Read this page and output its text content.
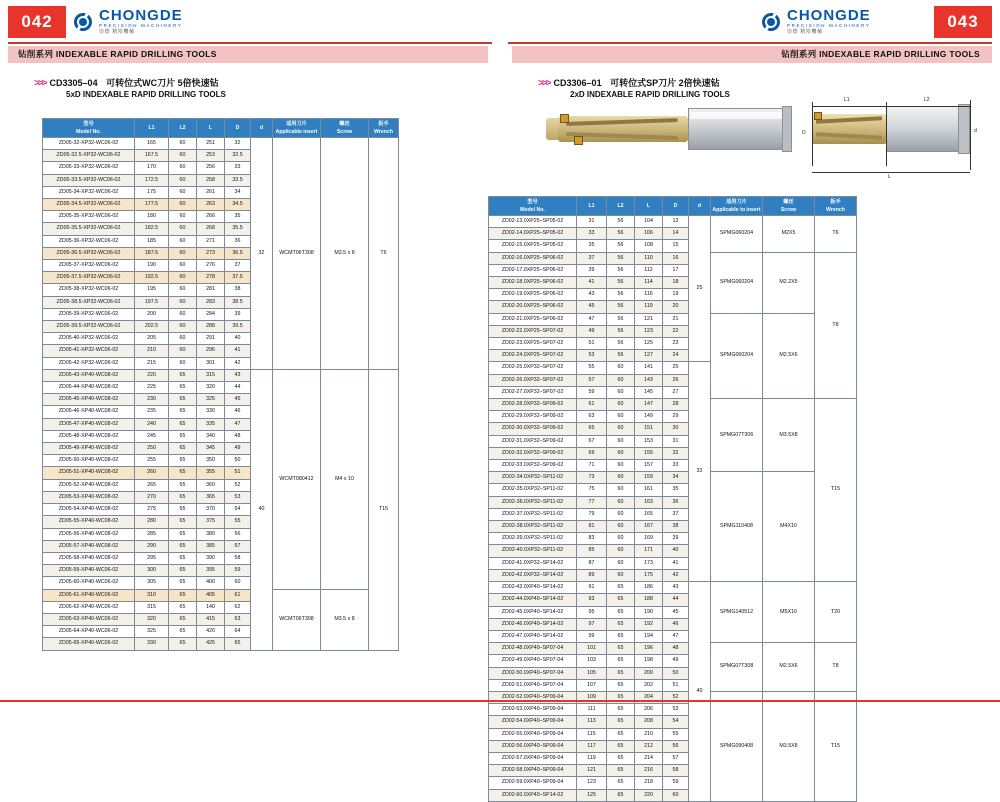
042	CHONGDE
PRECISION MACHINERY
崇德 精密機械
043
CHONGDE
PRECISION MACHINERY
崇德 精密機械
钻削系列 INDEXABLE RAPID DRILLING TOOLS	钻削系列 INDEXABLE RAPID DRILLING TOOLS
>>> CD3305–04 可转位式WC刀片 5倍快速钻
5xD INDEXABLE RAPID DRILLING TOOLS
>>> CD3306–01 可转位式SP刀片 2倍快速钻
2xD INDEXABLE RAPID DRILLING TOOLS
L1	L2
L
D	d
型号
Model No.	L1	L2	L	D	d	适用刀片
Applicable insert	螺丝
Screw	扳手
Wrench

ZD05-32-XP32-WC06-02	165	60	251	32	32	WCMT06T308	M3.5 x 8	T6
ZD05-32.5-XP32-WC06-02	167.5	60	253	32.5				
ZD05-33-XP32-WC06-02	170	60	256	33				
ZD05-33.5-XP32-WC06-02	172.5	60	258	33.5				
ZD05-34-XP32-WC06-02	175	60	261	34				
ZD05-34.5-XP32-WC06-02	177.5	60	263	34.5				
ZD05-35-XP32-WC06-02	180	60	266	35				
ZD05-35.5-XP32-WC06-02	182.5	60	268	35.5				
ZD05-36-XP32-WC06-02	185	60	271	36				
ZD05-36.5-XP32-WC06-02	187.5	60	273	36.5				
ZD05-37-XP32-WC06-02	190	60	276	37				
ZD05-37.5-XP32-WC06-02	192.5	60	278	37.5				
ZD05-38-XP32-WC06-02	195	60	281	38				
ZD05-38.5-XP32-WC06-02	197.5	60	283	38.5				
ZD05-39-XP32-WC06-02	200	60	284	39				
ZD05-39.5-XP32-WC06-02	202.5	60	288	39.5				
ZD05-40-XP32-WC06-02	205	60	291	40				
ZD05-41-XP32-WC06-02	210	60	296	41				
ZD05-42-XP32-WC06-02	215	60	301	42				
ZD05-43-XP40-WC08-02	220	65	315	43	40	WCMT080412	M4 x 10	T15
ZD05-44-XP40-WC08-02	225	65	320	44				
ZD05-45-XP40-WC08-02	230	65	325	45				
ZD05-46-XP40-WC08-02	235	65	330	46				
ZD05-47-XP40-WC08-02	240	65	335	47				
ZD05-48-XP40-WC08-02	245	65	340	48				
ZD05-49-XP40-WC08-02	250	65	345	49				
ZD05-50-XP40-WC08-02	255	65	350	50				
ZD05-51-XP40-WC08-02	260	65	355	51				
ZD05-52-XP40-WC08-02	265	65	360	52				
ZD05-53-XP40-WC08-02	270	65	365	53				
ZD05-54-XP40-WC08-02	275	65	370	54				
ZD05-55-XP40-WC08-02	280	65	375	55				
ZD05-56-XP40-WC08-02	285	65	380	56				
ZD05-57-XP40-WC08-02	290	65	385	57				
ZD05-58-XP40-WC08-02	295	65	390	58				
ZD05-59-XP40-WC06-02	300	65	395	59				
ZD05-60-XP40-WC06-02	305	65	400	60				
ZD05-61-XP40-WC06-02	310	65	405	61		WCMT06T308	M3.5 x 8	
ZD05-62-XP40-WC06-02	315	65	140	62				
ZD05-63-XP40-WC06-02	320	65	415	63				
ZD05-64-XP40-WC06-02	325	65	420	64				
ZD05-65-XP40-WC06-02	330	65	425	65				
型号
Model No.	L1	L2	L	D	d	适用刀片
Applicable to insert	螺丝
Screw	扳手
Wrench

ZD02-13.0XP25–SP05-02	31	56	104	13	25	SPMG060204	M2X5	T6
ZD02-14.0XP25–SP05-02	33	56	106	14				
ZD02-15.0XP25–SP05-02	35	56	108	15				
ZD02-16.0XP25–SP06-02	37	56	110	16		SPMG060204	M2.2X5	T8
ZD02-17.0XP25–SP06-02	39	56	112	17				
ZD02-18.0XP25–SP06-02	41	56	114	18				
ZD02-19.0XP25–SP06-02	43	56	116	19				
ZD02-20.0XP25–SP06-02	45	56	119	20				
ZD02-21.0XP25–SP06-02	47	56	121	21		SPMG060204	M2.5X6	
ZD02-22.0XP25–SP07-02	49	56	123	22				
ZD02-23.0XP25–SP07-02	51	56	125	23				
ZD02-24.0XP25–SP07-02	53	56	127	24				
ZD02-25.0XP32–SP07-02	55	60	141	25	32			
ZD02-26.0XP32–SP07-02	57	60	143	26				
ZD02-27.0XP32–SP07-02	59	60	145	27				
ZD02-28.0XP32–SP09-02	61	60	147	28		SPMG07T306	M3.5X8	T15
ZD02-29.0XP32–SP09-02	63	60	149	29				
ZD02-30.0XP32–SP09-02	65	60	151	30				
ZD02-31.0XP32–SP09-02	67	60	153	31				
ZD02-32.0XP32–SP09-02	69	60	155	32				
ZD02-33.0XP32–SP09-02	71	60	157	33				
ZD02-34.0XP32–SP11-02	73	60	159	34		SPMG110408	M4X10	
ZD02-35.0XP32–SP11-02	75	60	161	35				
ZD02-36.0XP32–SP11-02	77	60	163	36				
ZD02-37.0XP32–SP11-02	79	60	165	37				
ZD02-38.0XP32–SP11-02	81	60	167	38				
ZD02-39.0XP32–SP11-02	83	60	169	39				
ZD02-40.0XP32–SP11-02	85	60	171	40				
ZD02-41.0XP32–SP14-02	87	60	173	41				
ZD02-42.0XP32–SP14-02	89	60	175	42				
ZD02-43.0XP40–SP14-02	91	65	186	43	40	SPMG140512	M5X10	T20
ZD02-44.0XP40–SP14-02	93	65	188	44				
ZD02-45.0XP40–SP14-02	95	65	190	45				
ZD02-46.0XP40–SP14-02	97	65	192	46				
ZD02-47.0XP40–SP14-02	99	65	194	47				
ZD02-48.0XP40–SP07-04	101	65	196	48		SPMG07T308	M2.5X6	T8
ZD02-49.0XP40–SP07-04	103	65	198	49				
ZD02-50.0XP40–SP07-04	105	65	200	50				
ZD02-51.0XP40–SP07-04	107	65	202	51				
ZD02-52.0XP40–SP09-04	109	65	204	52		SPMG090408	M3.5X8	T15
ZD02-53.0XP40–SP09-04	111	65	206	53				
ZD02-54.0XP40–SP09-04	113	65	208	54				
ZD02-55.0XP40–SP09-04	115	65	210	55				
ZD02-56.0XP40–SP09-04	117	65	212	56				
ZD02-57.0XP40–SP09-04	119	65	214	57				
ZD02-58.0XP40–SP09-04	121	65	216	58				
ZD02-59.0XP40–SP09-04	123	65	218	59				
ZD02-60.0XP40–SP14-02	125	65	220	60				
